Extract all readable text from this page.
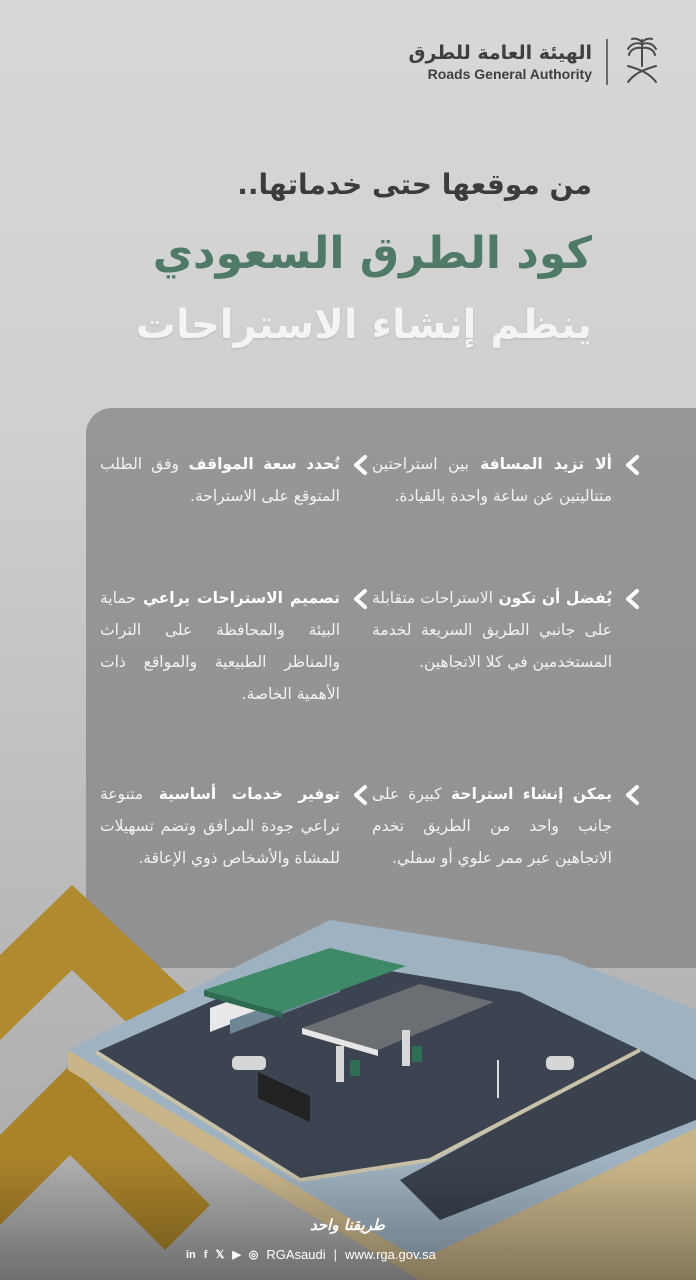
الهيئة العامة للطرق
Roads General Authority
من موقعها حتى خدماتها..
كود الطرق السعودي
ينظم إنشاء الاستراحات
ألا تزيد المسافة بين استراحتين متتاليتين عن ساعة واحدة بالقيادة.
تُحدد سعة المواقف وفق الطلب المتوقع على الاستراحة.
يُفضل أن تكون الاستراحات متقابلة على جانبي الطريق السريعة لخدمة المستخدمين في كلا الاتجاهين.
تصميم الاستراحات يراعي حماية البيئة والمحافظة على التراث والمناظر الطبيعية والمواقع ذات الأهمية الخاصة.
يمكن إنشاء استراحة كبيرة على جانب واحد من الطريق تخدم الاتجاهين عبر ممر علوي أو سفلي.
توفير خدمات أساسية متنوعة تراعي جودة المرافق وتضم تسهيلات للمشاة والأشخاص ذوي الإعاقة.
طريقنا واحد
in f 𝕏 ▶ ◎ RGAsaudi | www.rga.gov.sa
